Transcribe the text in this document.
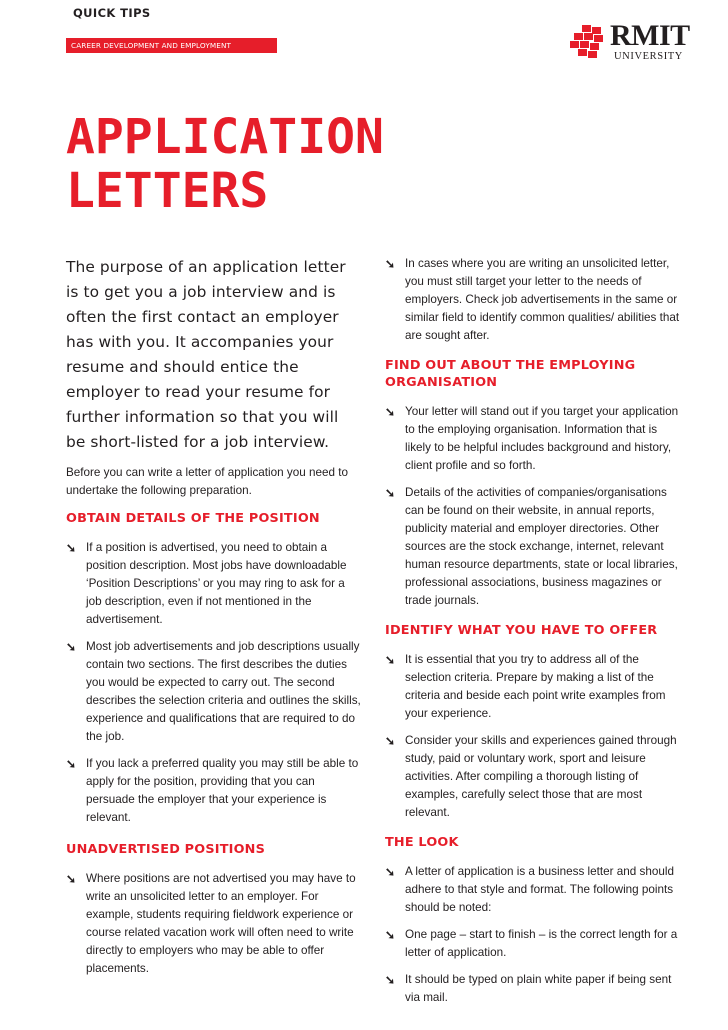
QUICK TIPS
CAREER DEVELOPMENT AND EMPLOYMENT	RMIT
UNIVERSITY
APPLICATION
LETTERS

The purpose of an application letter is to get you a job interview and is often the first contact an employer has with you. It accompanies your resume and should entice the employer to read your resume for further information so that you will be short-listed for a job interview.

Before you can write a letter of application you need to undertake the following preparation.

OBTAIN DETAILS OF THE POSITION
➘ If a position is advertised, you need to obtain a position description. Most jobs have downloadable ‘Position Descriptions’ or you may ring to ask for a job description, even if not mentioned in the advertisement.
➘ Most job advertisements and job descriptions usually contain two sections. The first describes the duties you would be expected to carry out. The second describes the selection criteria and outlines the skills, experience and qualifications that are required to do the job.
➘ If you lack a preferred quality you may still be able to apply for the position, providing that you can persuade the employer that your experience is relevant.
UNADVERTISED POSITIONS
➘ Where positions are not advertised you may have to write an unsolicited letter to an employer. For example, students requiring fieldwork experience or course related vacation work will often need to write directly to employers who may be able to offer placements.
➘ In cases where you are writing an unsolicited letter, you must still target your letter to the needs of employers. Check job advertisements in the same or similar field to identify common qualities/ abilities that are sought after.
FIND OUT ABOUT THE EMPLOYING ORGANISATION
➘ Your letter will stand out if you target your application to the employing organisation. Information that is likely to be helpful includes background and history, client profile and so forth.
➘ Details of the activities of companies/organisations can be found on their website, in annual reports, publicity material and employer directories. Other sources are the stock exchange, internet, relevant human resource departments, state or local libraries, professional associations, business magazines or trade journals.
IDENTIFY WHAT YOU HAVE TO OFFER
➘ It is essential that you try to address all of the selection criteria. Prepare by making a list of the criteria and beside each point write examples from your experience.
➘ Consider your skills and experiences gained through study, paid or voluntary work, sport and leisure activities. After compiling a thorough listing of examples, carefully select those that are most relevant.
THE LOOK
➘ A letter of application is a business letter and should adhere to that style and format. The following points should be noted:
➘ One page – start to finish – is the correct length for a letter of application.
➘ It should be typed on plain white paper if being sent via mail.
